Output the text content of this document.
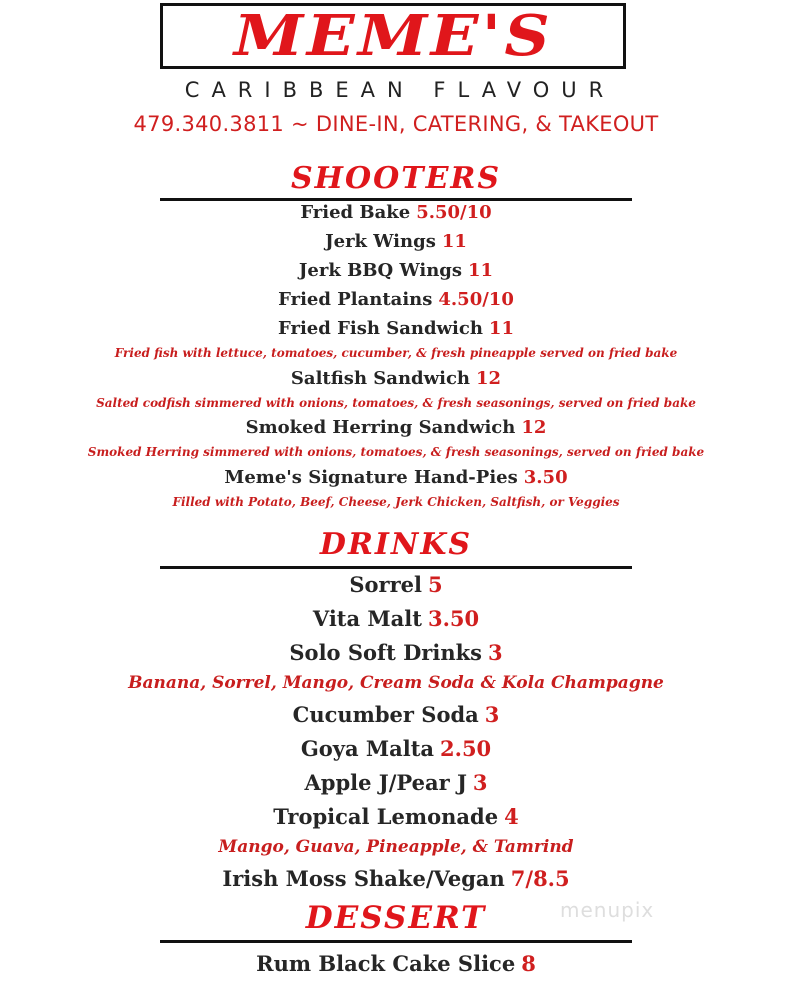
MEME'S
CARIBBEAN FLAVOUR
479.340.3811 ~ DINE-IN, CATERING, & TAKEOUT
SHOOTERS
Fried Bake 5.50/10
Jerk Wings 11
Jerk BBQ Wings 11
Fried Plantains 4.50/10
Fried Fish Sandwich 11
Fried fish with lettuce, tomatoes, cucumber, & fresh pineapple served on fried bake
Saltfish Sandwich 12
Salted codfish simmered with onions, tomatoes, & fresh seasonings, served on fried bake
Smoked Herring Sandwich 12
Smoked Herring simmered with onions, tomatoes, & fresh seasonings, served on fried bake
Meme's Signature Hand-Pies 3.50
Filled with Potato, Beef, Cheese, Jerk Chicken, Saltfish, or Veggies
DRINKS
Sorrel 5
Vita Malt 3.50
Solo Soft Drinks 3
Banana, Sorrel, Mango, Cream Soda & Kola Champagne
Cucumber Soda 3
Goya Malta 2.50
Apple J/Pear J 3
Tropical Lemonade 4
Mango, Guava, Pineapple, & Tamrind
Irish Moss Shake/Vegan 7/8.5
DESSERT
Rum Black Cake Slice 8
menupix
